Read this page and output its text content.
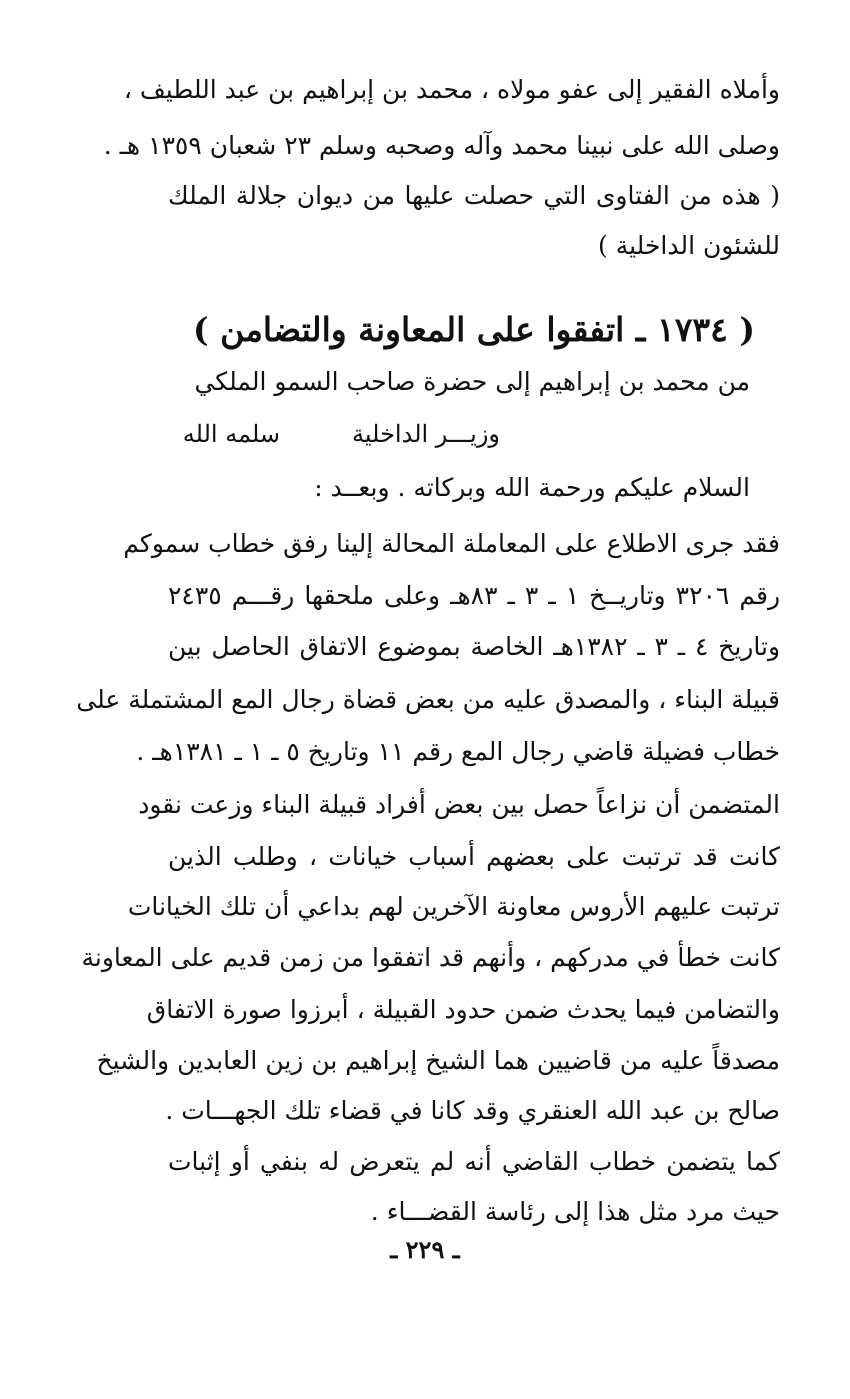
وأملاه الفقير إلى عفو مولاه ، محمد بن إبراهيم بن عبد اللطيف ،
وصلى الله على نبينا محمد وآله وصحبه وسلم ٢٣ شعبان ١٣٥٩ هـ .
( هذه من الفتاوى التي حصلت عليها من ديوان جلالة الملك
للشئون الداخلية )
( ١٧٣٤ ـ اتفقوا على المعاونة والتضامن )
من محمد بن إبراهيم إلى حضرة صاحب السمو الملكي
وزيـــر الداخلية
سلمه الله
السلام عليكم ورحمة الله وبركاته . وبعــد :
فقد جرى الاطلاع على المعاملة المحالة إلينا رفق خطاب سموكم
رقم ٣٢٠٦ وتاريــخ ١ ـ ٣ ـ ٨٣هـ وعلى ملحقها رقـــم ٢٤٣٥
وتاريخ ٤ ـ ٣ ـ ١٣٨٢هـ الخاصة بموضوع الاتفاق الحاصل بين
قبيلة البناء ، والمصدق عليه من بعض قضاة رجال المع المشتملة على
خطاب فضيلة قاضي رجال المع رقم ١١ وتاريخ ٥ ـ ١ ـ ١٣٨١هـ .
المتضمن أن نزاعاً حصل بين بعض أفراد قبيلة البناء وزعت نقود
كانت قد ترتبت على بعضهم أسباب خيانات ، وطلب الذين
ترتبت عليهم الأروس معاونة الآخرين لهم بداعي أن تلك الخيانات
كانت خطأ في مدركهم ، وأنهم قد اتفقوا من زمن قديم على المعاونة
والتضامن فيما يحدث ضمن حدود القبيلة ، أبرزوا صورة الاتفاق
مصدقاً عليه من قاضيين هما الشيخ إبراهيم بن زين العابدين والشيخ
صالح بن عبد الله العنقري وقد كانا في قضاء تلك الجهـــات .
كما يتضمن خطاب القاضي أنه لم يتعرض له بنفي أو إثبات
حيث مرد مثل هذا إلى رئاسة القضـــاء .
ـ ٢٢٩ ـ
